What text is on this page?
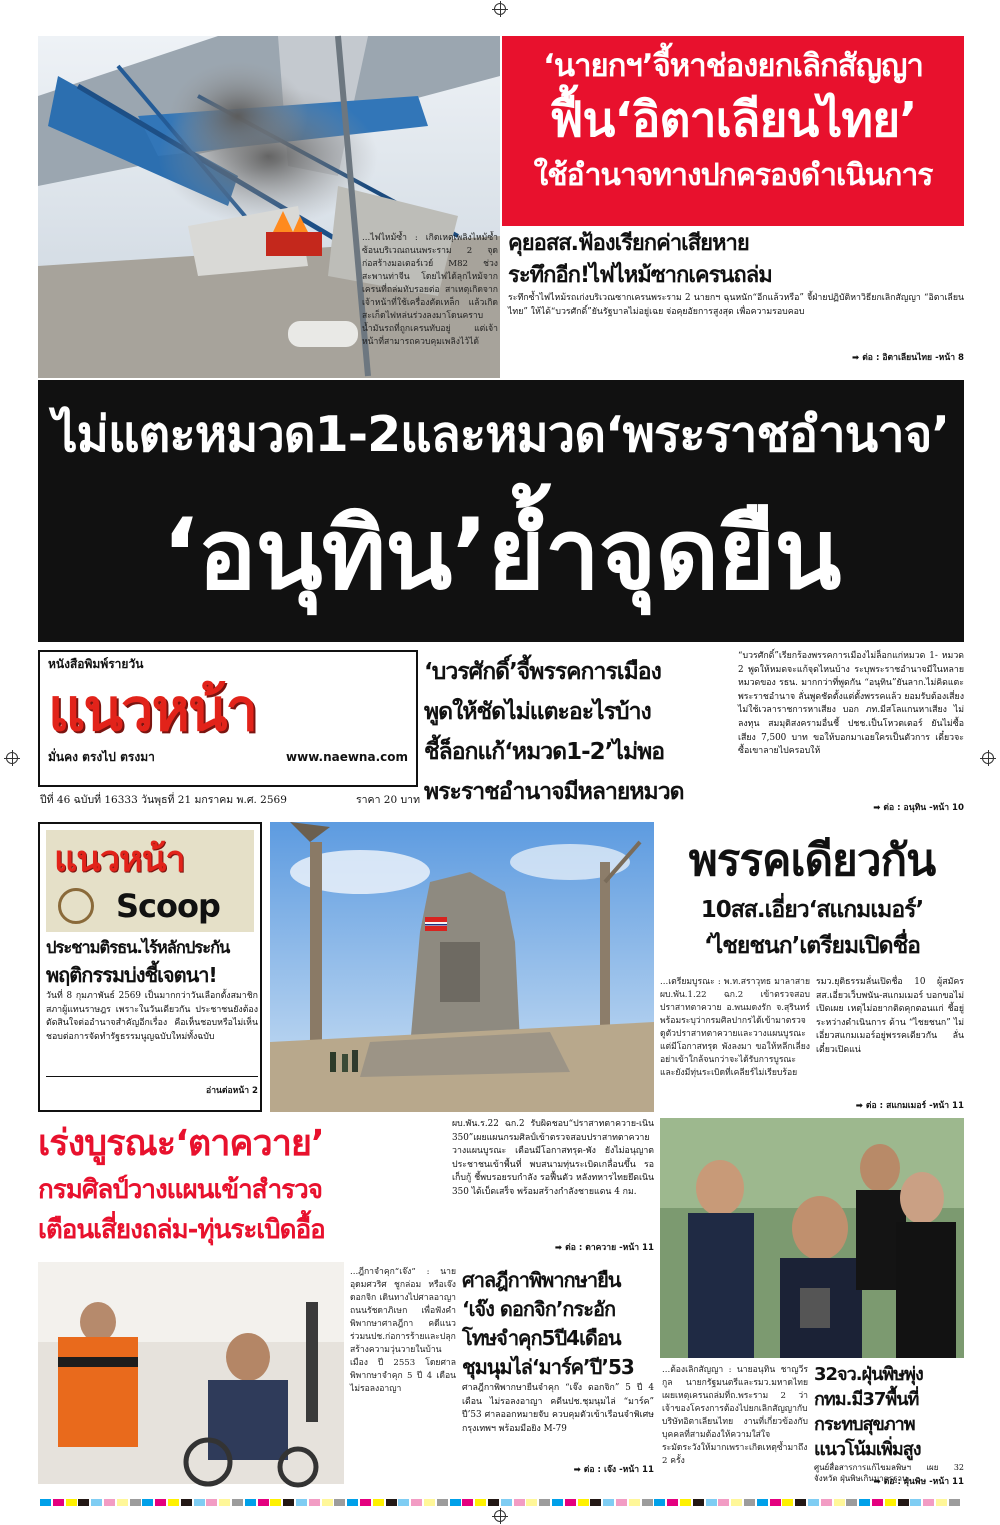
‘นายกฯ’จี้หาช่องยกเลิกสัญญา
ฟื้น‘อิตาเลียนไทย’
ใช้อำนาจทางปกครองดำเนินการ
...ไฟไหม้ซ้ำ : เกิดเหตุเพลิงไหม้ซ้ำซ้อนบริเวณถนนพระราม 2 จุดก่อสร้างมอเตอร์เวย์ M82 ช่วงสะพานท่าจีน โดยไฟได้ลุกไหม้จากเครนที่ถล่มทับรอยต่อ สาเหตุเกิดจากเจ้าหน้าที่ใช้เครื่องตัดเหล็ก แล้วเกิดสะเก็ดไฟหล่นร่วงลงมาโดนคราบน้ำมันรถที่ถูกเครนทับอยู่ แต่เจ้าหน้าที่สามารถควบคุมเพลิงไว้ได้
คุยอสส.ฟ้องเรียกค่าเสียหาย
ระทึกอีก!ไฟไหม้ซากเครนถล่ม
ระทึกซ้ำไฟไหม้รถเก่งบริเวณซากเครนพระราม 2 นายกฯ ฉุนหนัก“อีกแล้วหรือ” จี้ฝ่ายปฏิบัติหาวิธียกเลิกสัญญา “อิตาเลียนไทย” ให้ได้“บวรศักดิ์”ยันรัฐบาลไม่อยู่เฉย จ่อคุยอัยการสูงสุด เพื่อความรอบคอบ
➡ ต่อ : อิตาเลียนไทย -หน้า 8
ไม่แตะหมวด1-2และหมวด‘พระราชอำนาจ’
‘อนุทิน’ย้ำจุดยืน
หนังสือพิมพ์รายวัน
แนวหน้า
มั่นคง ตรงไป ตรงมา	www.naewna.com
ปีที่ 46 ฉบับที่ 16333 วันพุธที่ 21 มกราคม พ.ศ. 2569	ราคา 20 บาท
‘บวรศักดิ์’จี้พรรคการเมือง
พูดให้ชัดไม่แตะอะไรบ้าง
ชี้ล็อกแก้‘หมวด1-2’ไม่พอ
พระราชอำนาจมีหลายหมวด
“บวรศักดิ์”เรียกร้องพรรคการเมืองไม่ล็อกแก่หมวด 1- หมวด 2 พูดให้หมดจะแก้จุดไหนบ้าง ระบุพระราชอำนาจมีในหลายหมวดของ รธน. มากกว่าที่พูดกัน “อนุทิน”ยันลาก.ไม่คิดแตะพระราชอำนาจ ลั่นพูดชัดตั้งแต่ตั้งพรรคแล้ว ยอมรับต้องเสี่ยง ไม่ใช้เวลาราชการหาเสียง บอก ภท.มีสโลแกนหาเสียง ไม่ลงทุน สมมุติสงครามอื่นชี้ ปชช.เป็นโหวตเตอร์ ยันไม่ซื้อเสียง 7,500 บาท ขอให้บอกมาเอยใครเป็นตัวการ เดี๋ยวจะซื้อเขาลายไปครอบให้
➡ ต่อ : อนุทิน -หน้า 10
แนวหน้า
Scoop
ประชามติรธน.ไร้หลักประกัน
พฤติกรรมบ่งชี้เจตนา!
วันที่ 8 กุมภาพันธ์ 2569 เป็นมากกว่าวันเลือกตั้งสมาชิกสภาผู้แทนราษฎร เพราะในวันเดียวกัน ประชาชนยังต้องตัดสินใจต่ออำนาจสำคัญอีกเรื่อง คือเห็นชอบหรือไม่เห็นชอบต่อการจัดทำรัฐธรรมนูญฉบับใหม่ทั้งฉบับ
อ่านต่อหน้า 2
พรรคเดียวกัน
10สส.เอี่ยว‘สแกมเมอร์’
‘ไชยชนก’เตรียมเปิดชื่อ
...เตรียมบูรณะ : พ.ท.สราวุทธ มาลาสาย ผบ.พัน.1.22 ฉก.2 เข้าตรวจสอบปราสาทตาควาย อ.พนมดงรัก จ.สุรินทร์ พร้อมระบุว่ากรมศิลปากรได้เข้ามาตรวจดูตัวปราสาทตาควายและวางแผนบูรณะ แต่มีโอกาสทรุด พังลงมา ขอให้หลีกเลี่ยงอย่าเข้าใกล้จนกว่าจะได้รับการบูรณะ และยังมีทุ่นระเบิดที่เคลียร์ไม่เรียบร้อย
รมว.ยุติธรรมลั่นเปิดชื่อ 10 ผู้สมัคร สส.เอี่ยวเว็บพนัน-สแกมเมอร์ บอกขอไม่เปิดเผย เหตุไม่อยากติดคุกตอนแก่ ชี้อยู่ระหว่างดำเนินการ ด้าน “ไชยชนก” ไม่เอี่ยวสแกมเมอร์อยู่พรรคเดียวกัน ลั่นเดี๋ยวเปิดแน่
➡ ต่อ : สแกมเมอร์ -หน้า 11
เร่งบูรณะ‘ตาควาย’
กรมศิลป์วางแผนเข้าสำรวจ
เตือนเสี่ยงถล่ม-ทุ่นระเบิดอื้อ
ผบ.พัน.ร.22 ฉก.2 รับผิดชอบ“ปราสาทตาควาย-เนิน 350”เผยแผนกรมศิลป์เข้าตรวจสอบปราสาทตาควาย วางแผนบูรณะ เตือนมีโอกาสทรุด-พัง ยังไม่อนุญาตประชาชนเข้าพื้นที่ พบสนามทุ่นระเบิดเกลื่อนขึ้น รอเก็บกู้ ชี้พบรอยรบกำลัง รอฟื้นตัว หลังทหารไทยยึดเนิน 350 ได้เบ็ดเสร็จ พร้อมสร้างกำลังชายแดน 4 กม.
➡ ต่อ : ตาควาย -หน้า 11
...ฎีกาจำคุก“เจ๊ง” : นายอุดมศวริศ ชูกล่อม หรือเจ๊ง ดอกจิก เดินทางไปศาลอาญา ถนนรัชดาภิเษก เพื่อฟังคำพิพากษาศาลฎีกา คดีแนวร่วมนปช.ก่อการร้ายและปลุกสร้างความวุ่นวายในบ้านเมือง ปี 2553 โดยศาลพิพากษาจำคุก 5 ปี 4 เดือน ไม่รอลงอาญา
ศาลฎีกาพิพากษายืน
‘เจ๊ง ดอกจิก’กระอัก
โทษจำคุก5ปี4เดือน
ชุมนุมไล่‘มาร์ค’ปี’53
ศาลฎีกาพิพากษายืนจำคุก “เจ๊ง ดอกจิก” 5 ปี 4 เดือน ไม่รอลงอาญา คดีนปช.ชุมนุมไล่ “มาร์ค” ปี’53 ศาลออกหมายจับ ควบคุมตัวเข้าเรือนจำพิเศษกรุงเทพฯ พร้อมมือยิง M-79
➡ ต่อ : เจ๊ง -หน้า 11
...ต้องเลิกสัญญา : นายอนุทิน ชาญวีรกูล นายกรัฐมนตรีและรมว.มหาดไทย เผยเหตุเครนถล่มที่ถ.พระราม 2 ว่า เจ้าของโครงการต้องไปยกเลิกสัญญากับบริษัทอิตาเลียนไทย งานที่เกี่ยวข้องกับบุคคลที่สามต้องให้ความใส่ใจ ระมัดระวังให้มากเพราะเกิดเหตุซ้ำมาถึง 2 ครั้ง
32จว.ฝุ่นพิษพุ่ง
กทม.มี37พื้นที่
กระทบสุขภาพ
แนวโน้มเพิ่มสูง
ศูนย์สื่อสารการแก้ไขมลพิษฯ เผย 32 จังหวัด ฝุ่นพิษเกินมาตรฐาน
➡ ต่อ : ฝุ่นพิษ -หน้า 11
